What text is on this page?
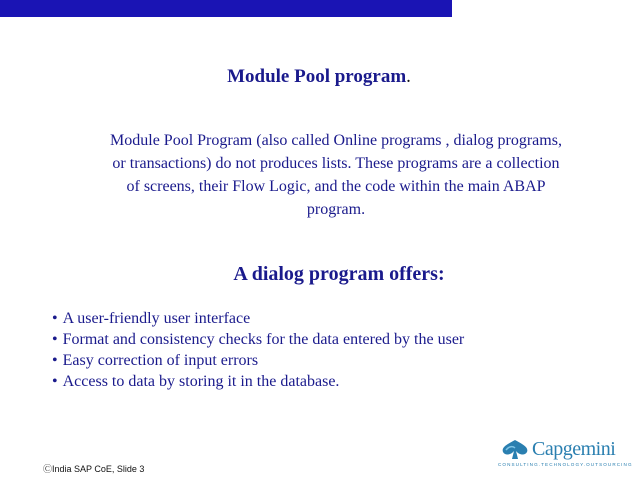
Module Pool program.

Module Pool Program (also called Online programs , dialog programs,
or transactions) do not produces lists. These programs are a collection
of screens, their Flow Logic, and the code within the main ABAP
program.

A dialog program offers:
• A user-friendly user interface
• Format and consistency checks for the data entered by the user
• Easy correction of input errors
• Access to data by storing it in the database.
ⒸIndia SAP CoE, Slide 3
Capgemini
CONSULTING.TECHNOLOGY.OUTSOURCING
